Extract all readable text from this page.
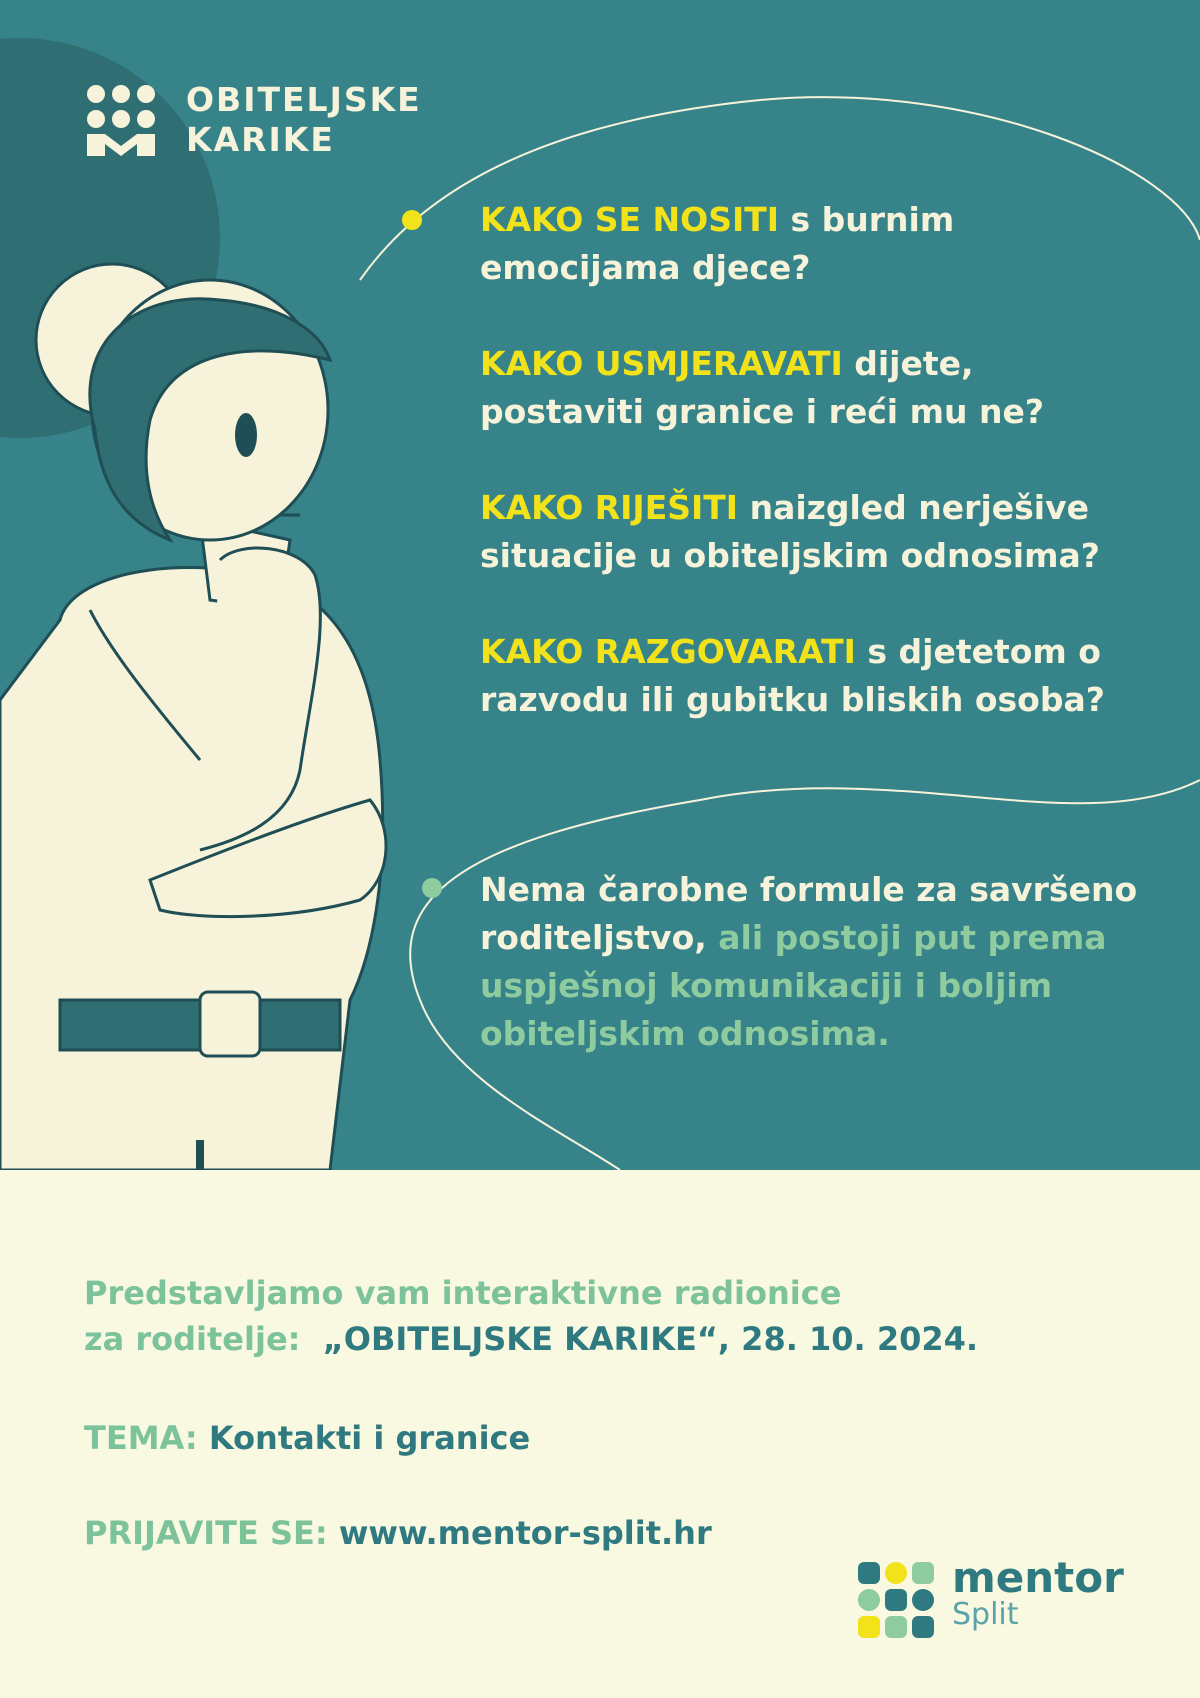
OBITELJSKE
KARIKE

KAKO SE NOSITI s burnim
emocijama djece?

KAKO USMJERAVATI dijete,
postaviti granice i reći mu ne?

KAKO RIJEŠITI naizgled nerješive
situacije u obiteljskim odnosima?

KAKO RAZGOVARATI s djetetom o
razvodu ili gubitku bliskih osoba?

Nema čarobne formule za savršeno
roditeljstvo, ali postoji put prema
uspješnoj komunikaciji i boljim
obiteljskim odnosima.

Predstavljamo vam interaktivne radionice
za roditelje:  „OBITELJSKE KARIKE“, 28. 10. 2024.

TEMA: Kontakti i granice

PRIJAVITE SE: www.mentor-split.hr

mentor
Split
